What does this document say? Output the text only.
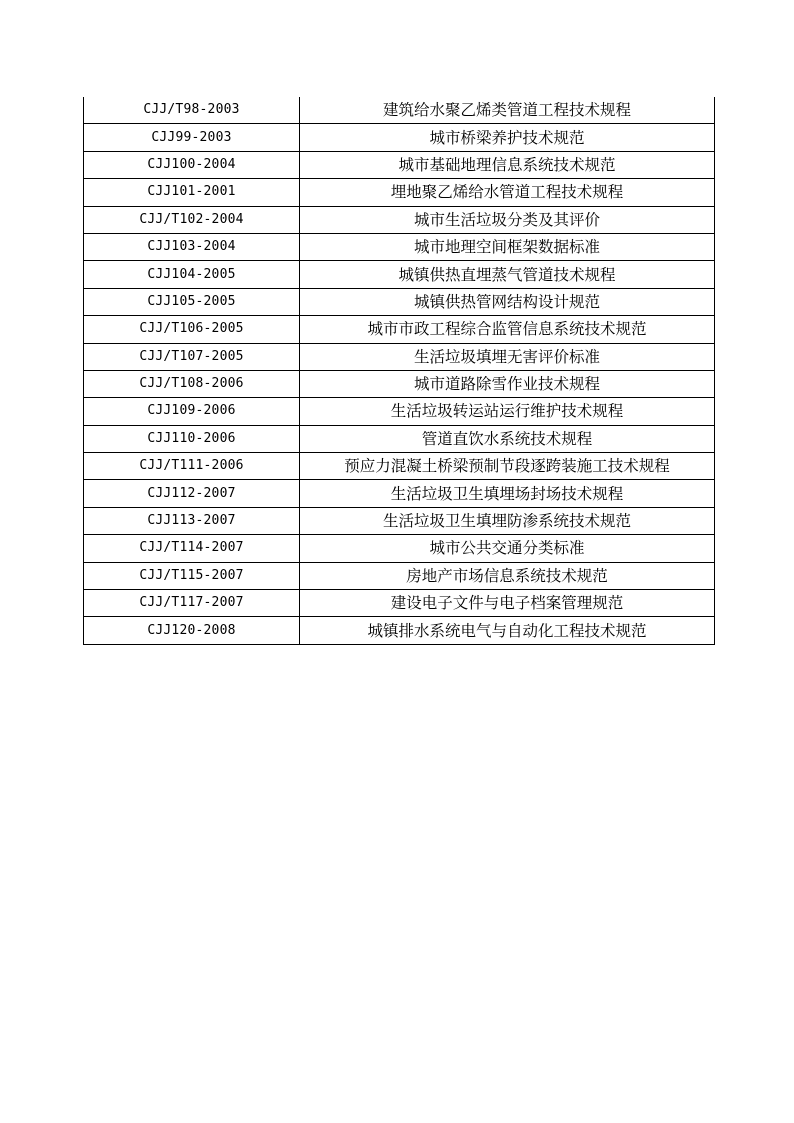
CJJ/T98-2003	建筑给水聚乙烯类管道工程技术规程
CJJ99-2003	城市桥梁养护技术规范
CJJ100-2004	城市基础地理信息系统技术规范
CJJ101-2001	埋地聚乙烯给水管道工程技术规程
CJJ/T102-2004	城市生活垃圾分类及其评价
CJJ103-2004	城市地理空间框架数据标准
CJJ104-2005	城镇供热直埋蒸气管道技术规程
CJJ105-2005	城镇供热管网结构设计规范
CJJ/T106-2005	城市市政工程综合监管信息系统技术规范
CJJ/T107-2005	生活垃圾填埋无害评价标准
CJJ/T108-2006	城市道路除雪作业技术规程
CJJ109-2006	生活垃圾转运站运行维护技术规程
CJJ110-2006	管道直饮水系统技术规程
CJJ/T111-2006	预应力混凝土桥梁预制节段逐跨装施工技术规程
CJJ112-2007	生活垃圾卫生填埋场封场技术规程
CJJ113-2007	生活垃圾卫生填埋防渗系统技术规范
CJJ/T114-2007	城市公共交通分类标准
CJJ/T115-2007	房地产市场信息系统技术规范
CJJ/T117-2007	建设电子文件与电子档案管理规范
CJJ120-2008	城镇排水系统电气与自动化工程技术规范
